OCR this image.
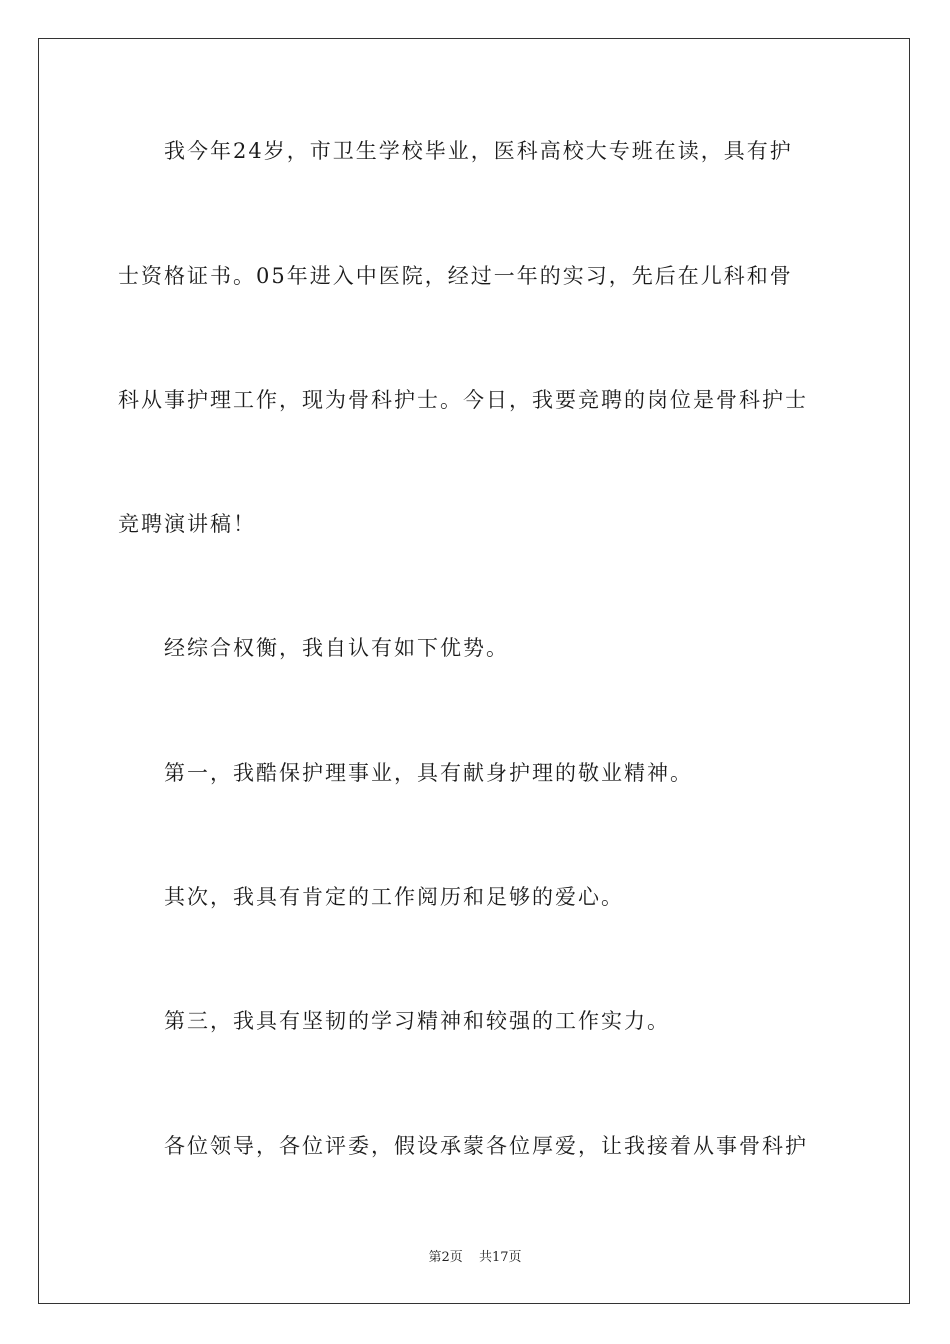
我今年24岁，市卫生学校毕业，医科高校大专班在读，具有护
士资格证书。05年进入中医院，经过一年的实习，先后在儿科和骨
科从事护理工作，现为骨科护士。今日，我要竞聘的岗位是骨科护士
竞聘演讲稿！
经综合权衡，我自认有如下优势。
第一，我酷保护理事业，具有献身护理的敬业精神。
其次，我具有肯定的工作阅历和足够的爱心。
第三，我具有坚韧的学习精神和较强的工作实力。
各位领导，各位评委，假设承蒙各位厚爱，让我接着从事骨科护
第2页 共17页
